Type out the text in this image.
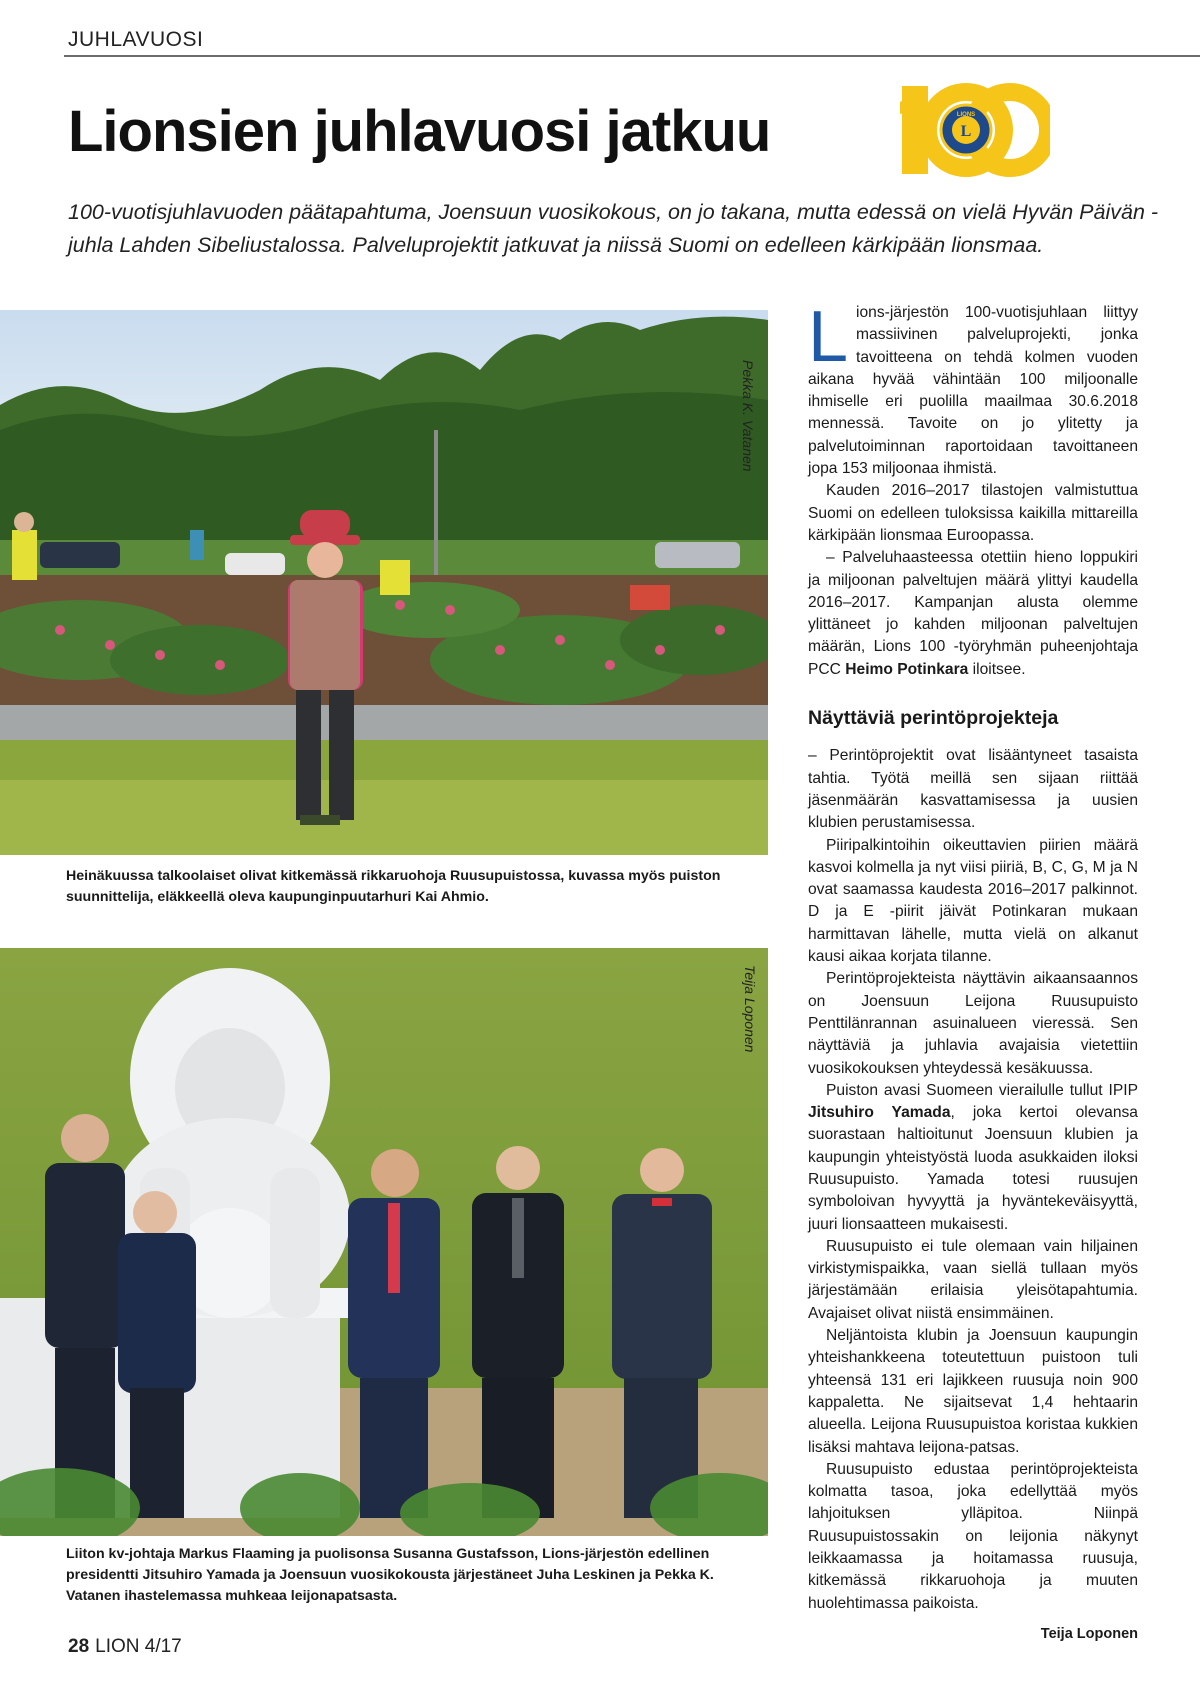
JUHLAVUOSI
Lionsien juhlavuosi jatkuu	LIONS
L

100-vuotisjuhlavuoden päätapahtuma, Joensuun vuosikokous, on jo takana, mutta edessä on vielä Hyvän Päivän -juhla Lahden Sibeliustalossa. Palveluprojektit jatkuvat ja niissä Suomi on edelleen kärkipään lionsmaa.

Pekka K. Vatanen

Heinäkuussa talkoolaiset olivat kitkemässä rikkaruohoja Ruusupuistossa, kuvassa myös puiston suunnittelija, eläkkeellä oleva kaupunginpuutarhuri Kai Ahmio.

Teija Loponen

Liiton kv-johtaja Markus Flaaming ja puolisonsa Susanna Gustafsson, Lions-järjestön edellinen presidentti Jitsuhiro Yamada ja Joensuun vuosikokousta järjestäneet Juha Leskinen ja Pekka K. Vatanen ihastelemassa muhkeaa leijonapatsasta.

Lions-järjestön 100-vuotisjuhlaan liittyy massiivinen palveluprojekti, jonka tavoitteena on tehdä kolmen vuoden aikana hyvää vähintään 100 miljoonalle ihmiselle eri puolilla maailmaa 30.6.2018 mennessä. Tavoite on jo ylitetty ja palvelutoiminnan raportoidaan tavoittaneen jopa 153 miljoonaa ihmistä.

Kauden 2016–2017 tilastojen valmistuttua Suomi on edelleen tuloksissa kaikilla mittareilla kärkipään lionsmaa Euroopassa.

– Palveluhaasteessa otettiin hieno loppukiri ja miljoonan palveltujen määrä ylittyi kaudella 2016–2017. Kampanjan alusta olemme ylittäneet jo kahden miljoonan palveltujen määrän, Lions 100 -työryhmän puheenjohtaja PCC Heimo Potinkara iloitsee.

Näyttäviä perintöprojekteja

– Perintöprojektit ovat lisääntyneet tasaista tahtia. Työtä meillä sen sijaan riittää jäsenmäärän kasvattamisessa ja uusien klubien perustamisessa.

Piiripalkintoihin oikeuttavien piirien määrä kasvoi kolmella ja nyt viisi piiriä, B, C, G, M ja N ovat saamassa kaudesta 2016–2017 palkinnot. D ja E -piirit jäivät Potinkaran mukaan harmittavan lähelle, mutta vielä on alkanut kausi aikaa korjata tilanne.

Perintöprojekteista näyttävin aikaansaannos on Joensuun Leijona Ruusupuisto Penttilänrannan asuinalueen vieressä. Sen näyttäviä ja juhlavia avajaisia vietettiin vuosikokouksen yhteydessä kesäkuussa.

Puiston avasi Suomeen vierailulle tullut IPIP Jitsuhiro Yamada, joka kertoi olevansa suorastaan haltioitunut Joensuun klubien ja kaupungin yhteistyöstä luoda asukkaiden iloksi Ruusupuisto. Yamada totesi ruusujen symboloivan hyvyyttä ja hyväntekeväisyyttä, juuri lionsaatteen mukaisesti.

Ruusupuisto ei tule olemaan vain hiljainen virkistymispaikka, vaan siellä tullaan myös järjestämään erilaisia yleisötapahtumia. Avajaiset olivat niistä ensimmäinen.

Neljäntoista klubin ja Joensuun kaupungin yhteishankkeena toteutettuun puistoon tuli yhteensä 131 eri lajikkeen ruusuja noin 900 kappaletta. Ne sijaitsevat 1,4 hehtaarin alueella. Leijona Ruusupuistoa koristaa kukkien lisäksi mahtava leijona-patsas.

Ruusupuisto edustaa perintöprojekteista kolmatta tasoa, joka edellyttää myös lahjoituksen ylläpitoa. Niinpä Ruusupuistossakin on leijonia näkynyt leikkaamassa ja hoitamassa ruusuja, kitkemässä rikkaruohoja ja muuten huolehtimassa paikoista.

Teija Loponen
28 LION 4/17
